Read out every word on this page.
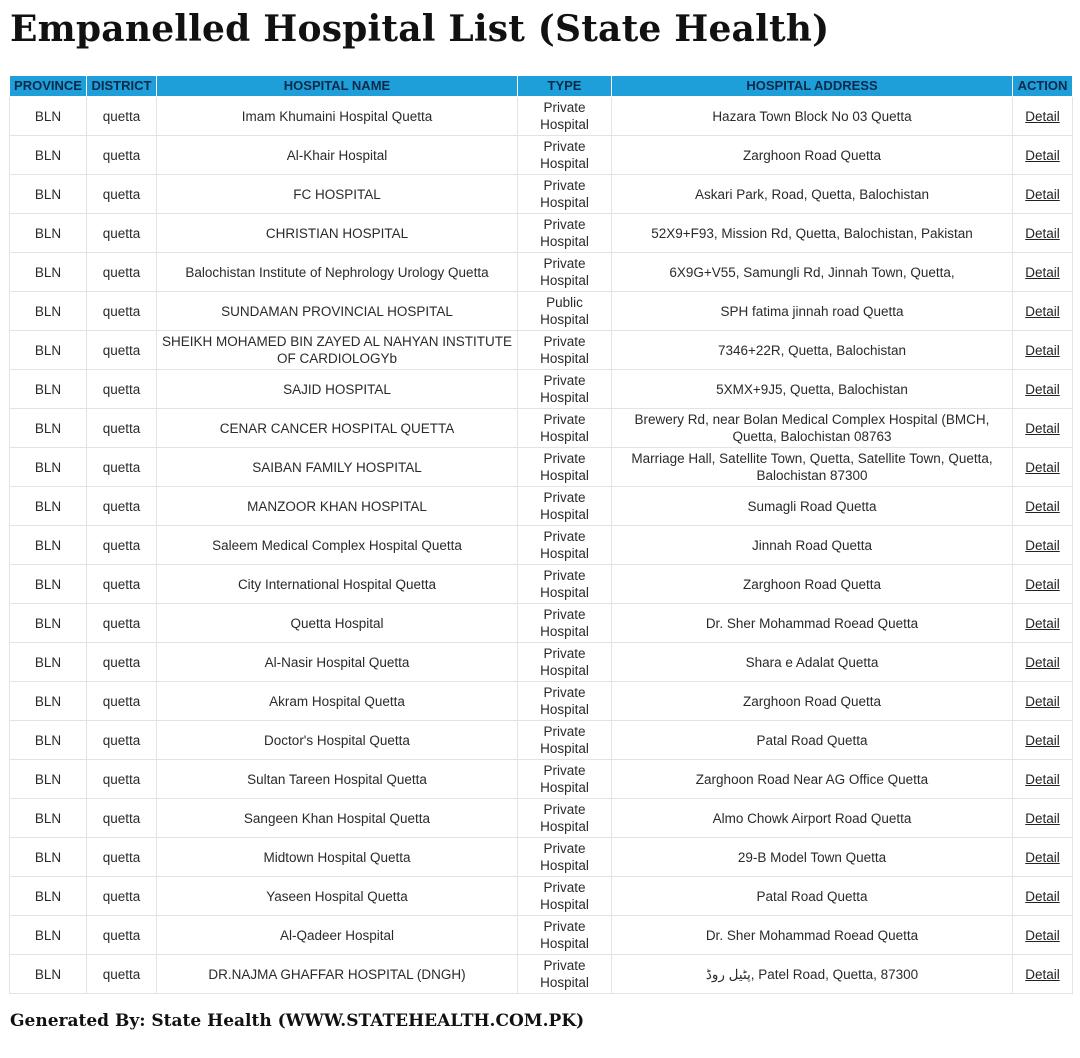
Empanelled Hospital List (State Health)
PROVINCE	DISTRICT	HOSPITAL NAME	TYPE	HOSPITAL ADDRESS	ACTION
BLN	quetta	Imam Khumaini Hospital Quetta	Private Hospital	Hazara Town Block No 03 Quetta	Detail
BLN	quetta	Al-Khair Hospital	Private Hospital	Zarghoon Road Quetta	Detail
BLN	quetta	FC HOSPITAL	Private Hospital	Askari Park, Road, Quetta, Balochistan	Detail
BLN	quetta	CHRISTIAN HOSPITAL	Private Hospital	52X9+F93, Mission Rd, Quetta, Balochistan, Pakistan	Detail
BLN	quetta	Balochistan Institute of Nephrology Urology Quetta	Private Hospital	6X9G+V55, Samungli Rd, Jinnah Town, Quetta,	Detail
BLN	quetta	SUNDAMAN PROVINCIAL HOSPITAL	Public Hospital	SPH fatima jinnah road Quetta	Detail
BLN	quetta	SHEIKH MOHAMED BIN ZAYED AL NAHYAN INSTITUTE OF CARDIOLOGYb	Private Hospital	7346+22R, Quetta, Balochistan	Detail
BLN	quetta	SAJID HOSPITAL	Private Hospital	5XMX+9J5, Quetta, Balochistan	Detail
BLN	quetta	CENAR CANCER HOSPITAL QUETTA	Private Hospital	Brewery Rd, near Bolan Medical Complex Hospital (BMCH, Quetta, Balochistan 08763	Detail
BLN	quetta	SAIBAN FAMILY HOSPITAL	Private Hospital	Marriage Hall, Satellite Town, Quetta, Satellite Town, Quetta, Balochistan 87300	Detail
BLN	quetta	MANZOOR KHAN HOSPITAL	Private Hospital	Sumagli Road Quetta	Detail
BLN	quetta	Saleem Medical Complex Hospital Quetta	Private Hospital	Jinnah Road Quetta	Detail
BLN	quetta	City International Hospital Quetta	Private Hospital	Zarghoon Road Quetta	Detail
BLN	quetta	Quetta Hospital	Private Hospital	Dr. Sher Mohammad Roead Quetta	Detail
BLN	quetta	Al-Nasir Hospital Quetta	Private Hospital	Shara e Adalat Quetta	Detail
BLN	quetta	Akram Hospital Quetta	Private Hospital	Zarghoon Road Quetta	Detail
BLN	quetta	Doctor's Hospital Quetta	Private Hospital	Patal Road Quetta	Detail
BLN	quetta	Sultan Tareen Hospital Quetta	Private Hospital	Zarghoon Road Near AG Office Quetta	Detail
BLN	quetta	Sangeen Khan Hospital Quetta	Private Hospital	Almo Chowk Airport Road Quetta	Detail
BLN	quetta	Midtown Hospital Quetta	Private Hospital	29-B Model Town Quetta	Detail
BLN	quetta	Yaseen Hospital Quetta	Private Hospital	Patal Road Quetta	Detail
BLN	quetta	Al-Qadeer Hospital	Private Hospital	Dr. Sher Mohammad Roead Quetta	Detail
BLN	quetta	DR.NAJMA GHAFFAR HOSPITAL (DNGH)	Private Hospital	پٹیل روڈ, Patel Road, Quetta, 87300	Detail

Generated By: State Health (WWW.STATEHEALTH.COM.PK)
